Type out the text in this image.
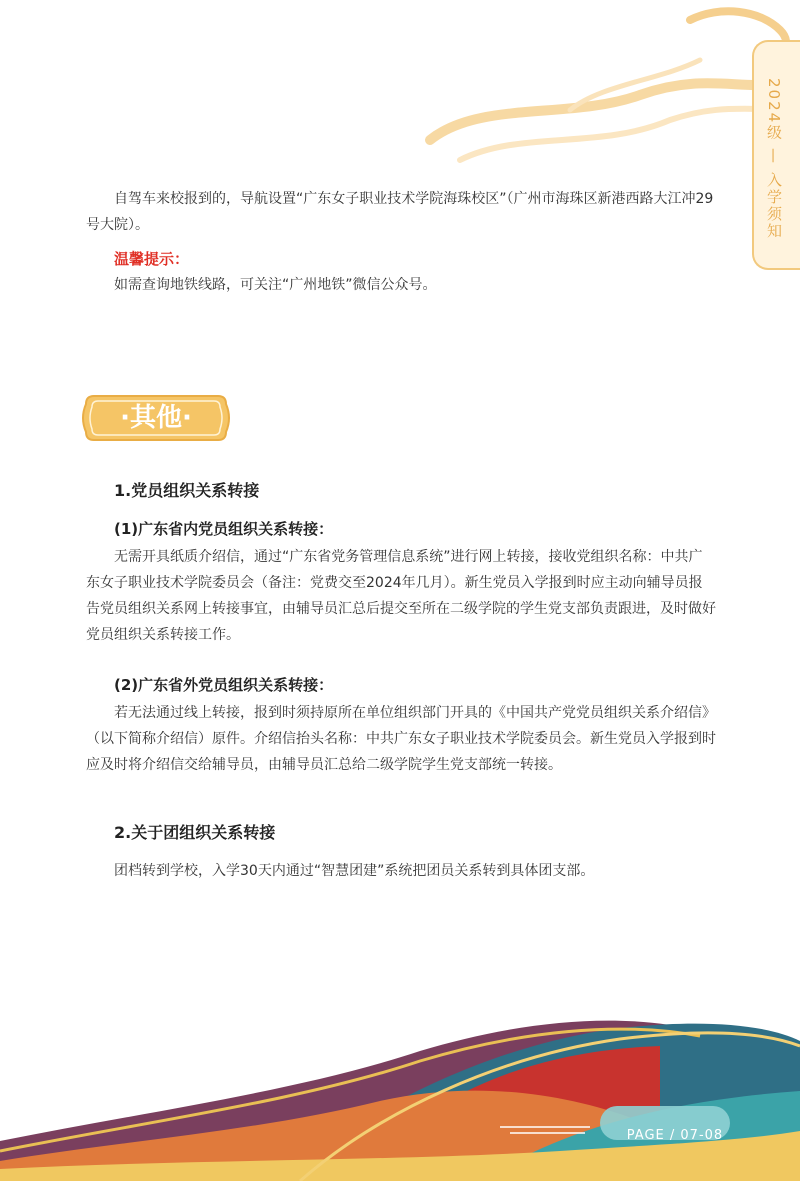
2024级 — 入学须知

自驾车来校报到的，导航设置“广东女子职业技术学院海珠校区”（广州市海珠区新港西路大江冲29号大院）。

温馨提示：

如需查询地铁线路，可关注“广州地铁”微信公众号。

·其他·

1.党员组织关系转接

(1)广东省内党员组织关系转接：

无需开具纸质介绍信，通过“广东省党务管理信息系统”进行网上转接，接收党组织名称：中共广东女子职业技术学院委员会（备注：党费交至2024年几月）。新生党员入学报到时应主动向辅导员报告党员组织关系网上转接事宜，由辅导员汇总后提交至所在二级学院的学生党支部负责跟进，及时做好党员组织关系转接工作。

(2)广东省外党员组织关系转接：

若无法通过线上转接，报到时须持原所在单位组织部门开具的《中国共产党党员组织关系介绍信》（以下简称介绍信）原件。介绍信抬头名称：中共广东女子职业技术学院委员会。新生党员入学报到时应及时将介绍信交给辅导员，由辅导员汇总给二级学院学生党支部统一转接。

2.关于团组织关系转接

团档转到学校，入学30天内通过“智慧团建”系统把团员关系转到具体团支部。

PAGE / 07-08
